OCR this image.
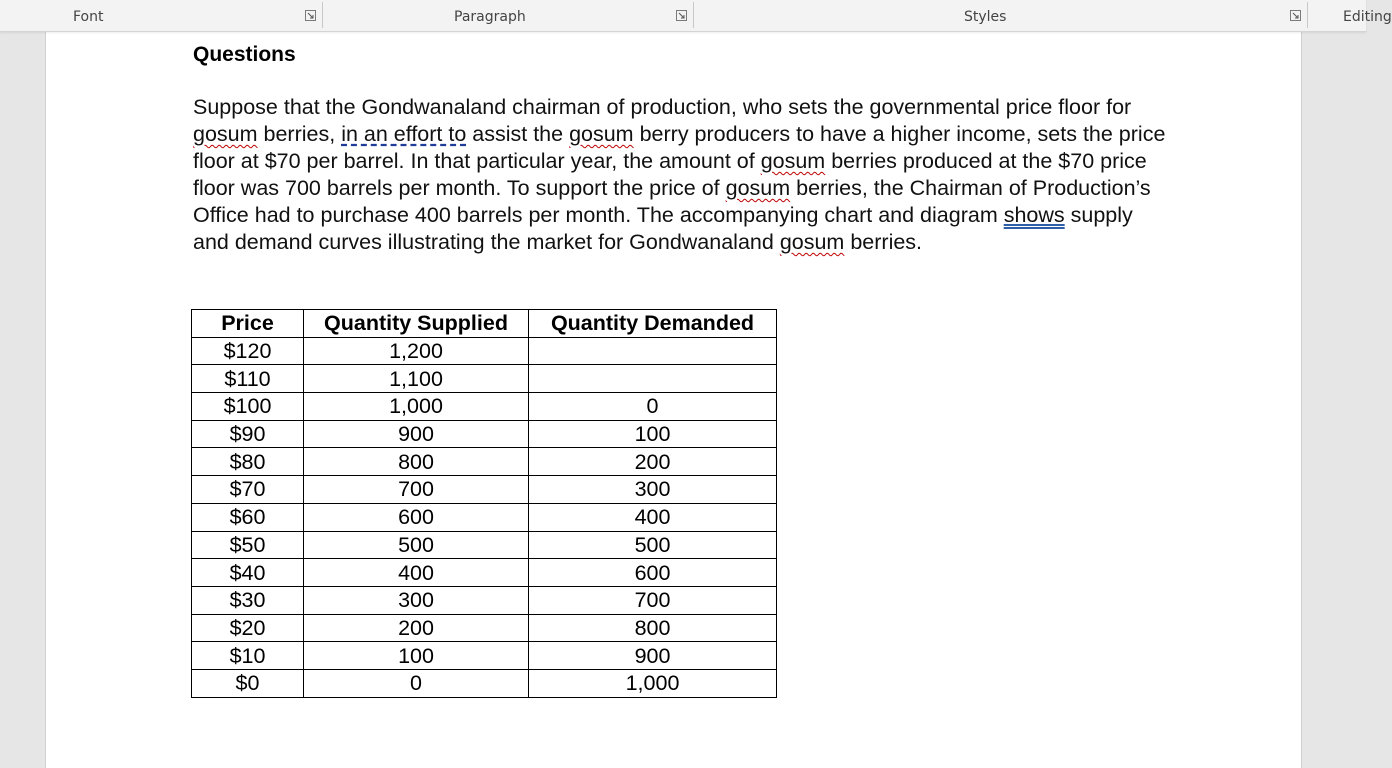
Font	Paragraph	Styles	Editing
Questions

Suppose that the Gondwanaland chairman of production, who sets the governmental price floor for gosum berries, in an effort to assist the gosum berry producers to have a higher income, sets the price floor at $70 per barrel. In that particular year, the amount of gosum berries produced at the $70 price floor was 700 barrels per month. To support the price of gosum berries, the Chairman of Production’s Office had to purchase 400 barrels per month. The accompanying chart and diagram shows supply and demand curves illustrating the market for Gondwanaland gosum berries.

Price	Quantity Supplied	Quantity Demanded
$120	1,200	
$110	1,100	
$100	1,000	0
$90	900	100
$80	800	200
$70	700	300
$60	600	400
$50	500	500
$40	400	600
$30	300	700
$20	200	800
$10	100	900
$0	0	1,000
